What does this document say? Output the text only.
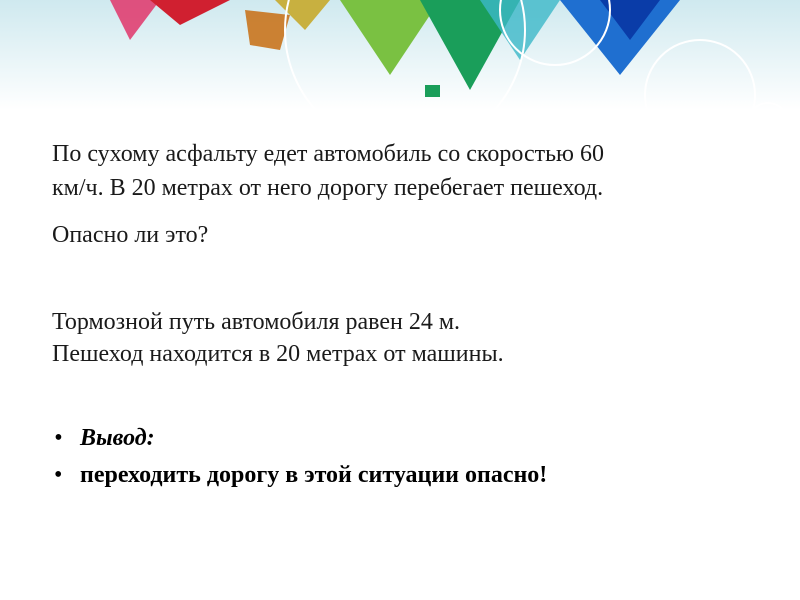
По сухому асфальту едет автомобиль со скоростью 60

км/ч. В 20 метрах от него дорогу перебегает пешеход.

Опасно ли это?

Тормозной путь автомобиля равен 24 м.

Пешеход находится в 20 метрах от машины.

• Вывод:
• переходить дорогу в этой ситуации опасно!
